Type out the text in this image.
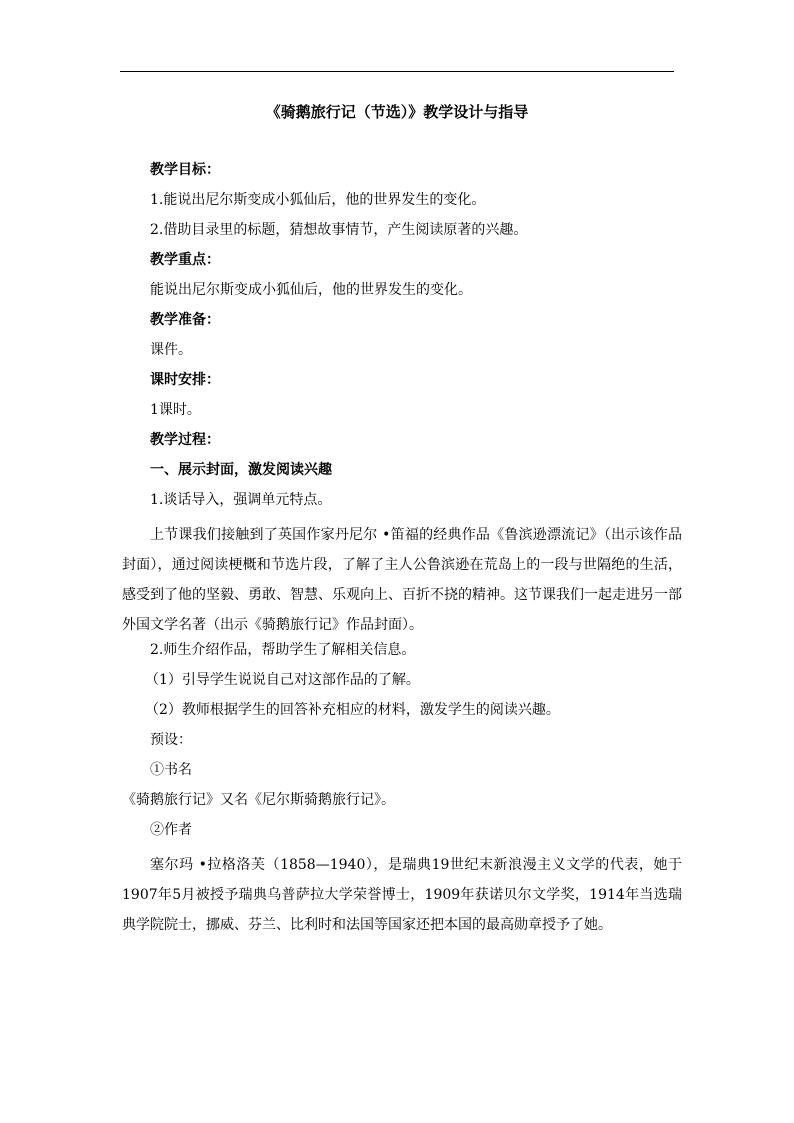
《骑鹅旅行记（节选）》教学设计与指导
教学目标：
1.能说出尼尔斯变成小狐仙后，他的世界发生的变化。
2.借助目录里的标题，猜想故事情节，产生阅读原著的兴趣。
教学重点：
能说出尼尔斯变成小狐仙后，他的世界发生的变化。
教学准备：
课件。
课时安排：
1课时。
教学过程：
一、展示封面，激发阅读兴趣
1.谈话导入，强调单元特点。

上节课我们接触到了英国作家丹尼尔 •笛福的经典作品《鲁滨逊漂流记》（出示该作品封面），通过阅读梗概和节选片段，了解了主人公鲁滨逊在荒岛上的一段与世隔绝的生活，感受到了他的坚毅、勇敢、智慧、乐观向上、百折不挠的精神。这节课我们一起走进另一部外国文学名著（出示《骑鹅旅行记》作品封面）。

2.师生介绍作品，帮助学生了解相关信息。
（1）引导学生说说自己对这部作品的了解。
（2）教师根据学生的回答补充相应的材料，激发学生的阅读兴趣。
预设：
①书名
《骑鹅旅行记》又名《尼尔斯骑鹅旅行记》。
②作者

塞尔玛 •拉格洛芙（1858—1940），是瑞典19世纪末新浪漫主义文学的代表，她于1907年5月被授予瑞典乌普萨拉大学荣誉博士，1909年获诺贝尔文学奖，1914年当选瑞典学院院士，挪威、芬兰、比利时和法国等国家还把本国的最高勋章授予了她。
